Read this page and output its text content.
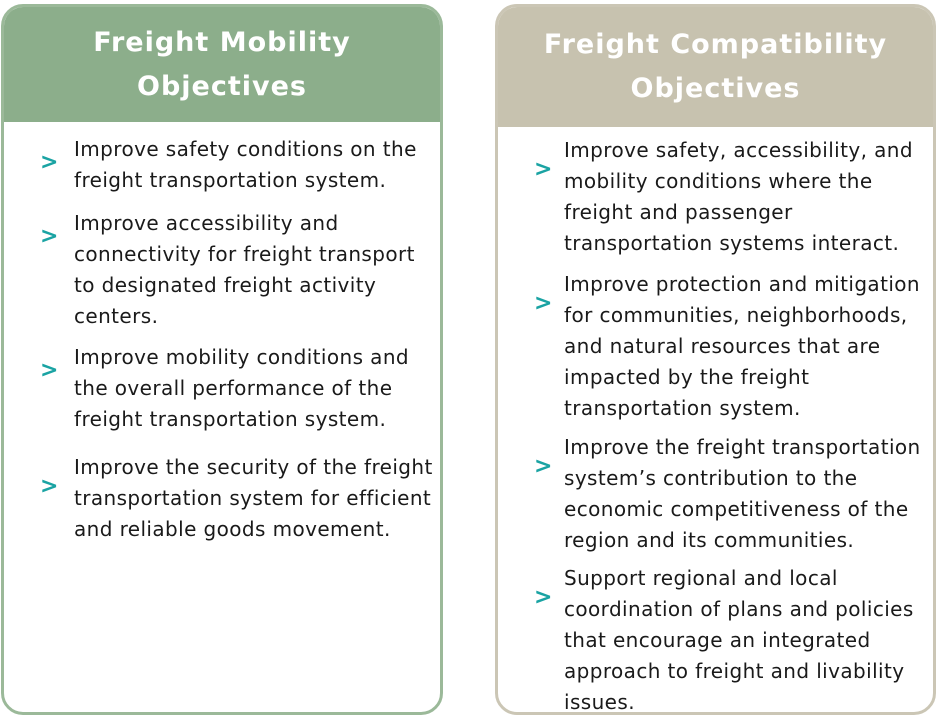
Freight Mobility Objectives
>
Improve safety conditions on the freight transportation system.
>
Improve accessibility and connectivity for freight transport to designated freight activity centers.
>
Improve mobility conditions and the overall performance of the freight transportation system.
>
Improve the security of the freight transportation system for efficient and reliable goods movement.
Freight Compatibility Objectives
>
Improve safety, accessibility, and mobility conditions where the freight and passenger transportation systems interact.
>
Improve protection and mitigation for communities, neighborhoods, and natural resources that are impacted by the freight transportation system.
>
Improve the freight transportation system’s contribution to the economic competitiveness of the region and its communities.
>
Support regional and local coordination of plans and policies that encourage an integrated approach to freight and livability issues.
